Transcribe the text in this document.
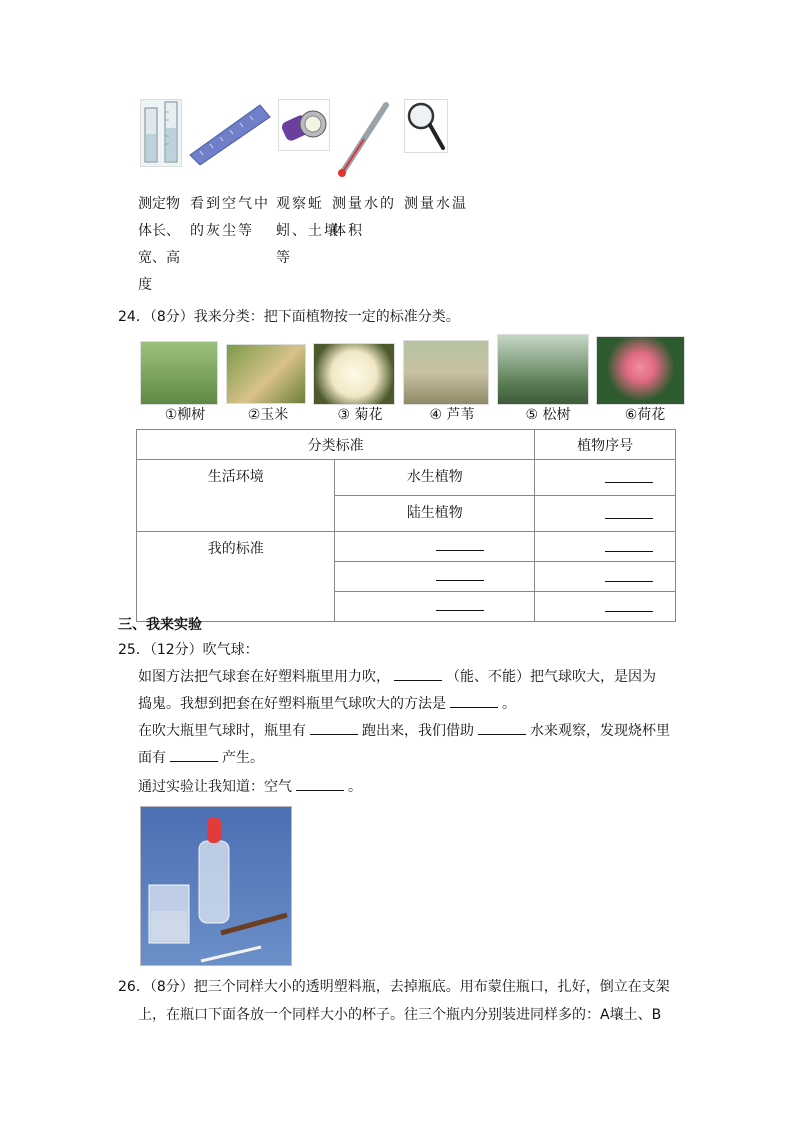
测定物
体长、
宽、高
度
看到空气中
的灰尘等
观察蚯
蚓、土壤
等
测量水的
体积
测量水温
24．（8分）我来分类：把下面植物按一定的标准分类。
①柳树	②玉米	③ 菊花	④ 芦苇	⑤ 松树	⑥荷花
分类标准		植物序号
生活环境	水生植物	

	陆生植物	

我的标准		

三、我来实验
25．（12分）吹气球：
如图方法把气球套在好塑料瓶里用力吹，	（能、不能）把气球吹大，是因为
捣鬼。我想到把套在好塑料瓶里气球吹大的方法是	。
在吹大瓶里气球时，瓶里有	跑出来，我们借助	水来观察，发现烧杯里
面有	产生。
通过实验让我知道：空气	。
26．（8分）把三个同样大小的透明塑料瓶，去掉瓶底。用布蒙住瓶口，扎好，倒立在支架
上，在瓶口下面各放一个同样大小的杯子。往三个瓶内分别装进同样多的：A壤土、B
